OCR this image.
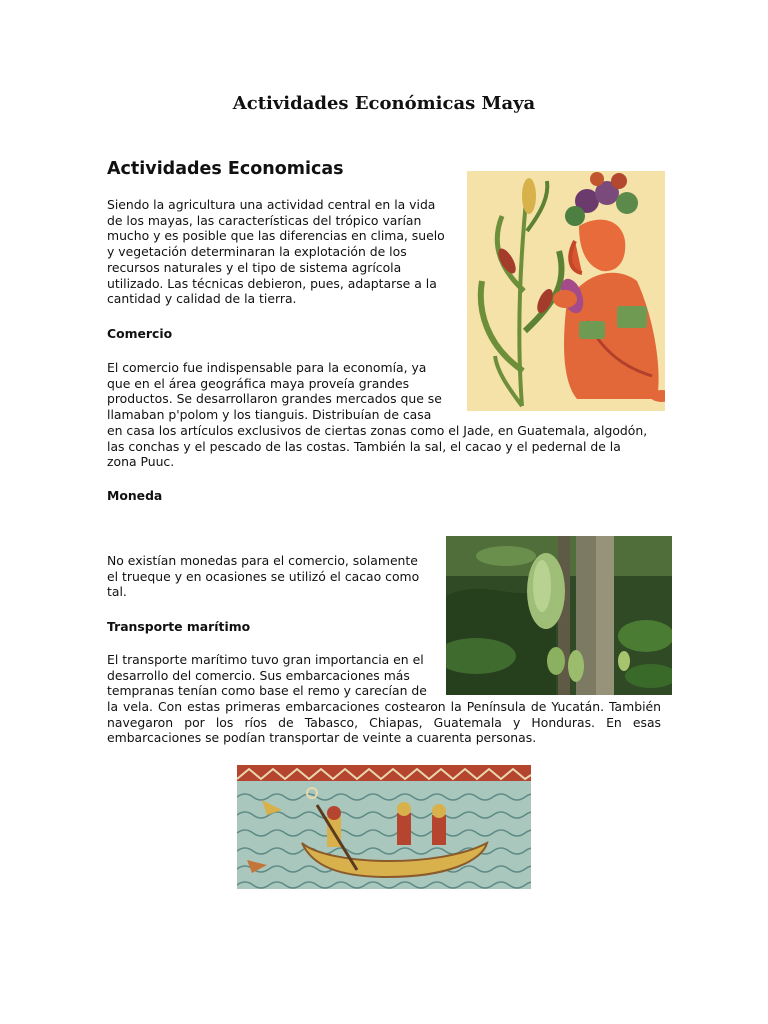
Actividades Económicas Maya
Actividades Economicas
Siendo la agricultura una actividad central en la vida
de los mayas, las características del trópico varían
mucho y es posible que las diferencias en clima, suelo
y vegetación determinaran la explotación de los
recursos naturales y el tipo de sistema agrícola
utilizado. Las técnicas debieron, pues, adaptarse a la
cantidad y calidad de la tierra.
Comercio
El comercio fue indispensable para la economía, ya
que en el área geográfica maya proveía grandes
productos. Se desarrollaron grandes mercados que se
llamaban p'polom y los tianguis. Distribuían de casa
en casa los artículos exclusivos de ciertas zonas como el Jade, en Guatemala, algodón,
las conchas y el pescado de las costas. También la sal, el cacao y el pedernal de la
zona Puuc.
Moneda
No existían monedas para el comercio, solamente
el trueque y en ocasiones se utilizó el cacao como
tal.
Transporte marítimo
El transporte marítimo tuvo gran importancia en el
desarrollo del comercio. Sus embarcaciones más
tempranas tenían como base el remo y carecían de
la vela. Con estas primeras embarcaciones costearon la Península de Yucatán. También
navegaron por los ríos de Tabasco, Chiapas, Guatemala y Honduras. En esas
embarcaciones se podían transportar de veinte a cuarenta personas.
